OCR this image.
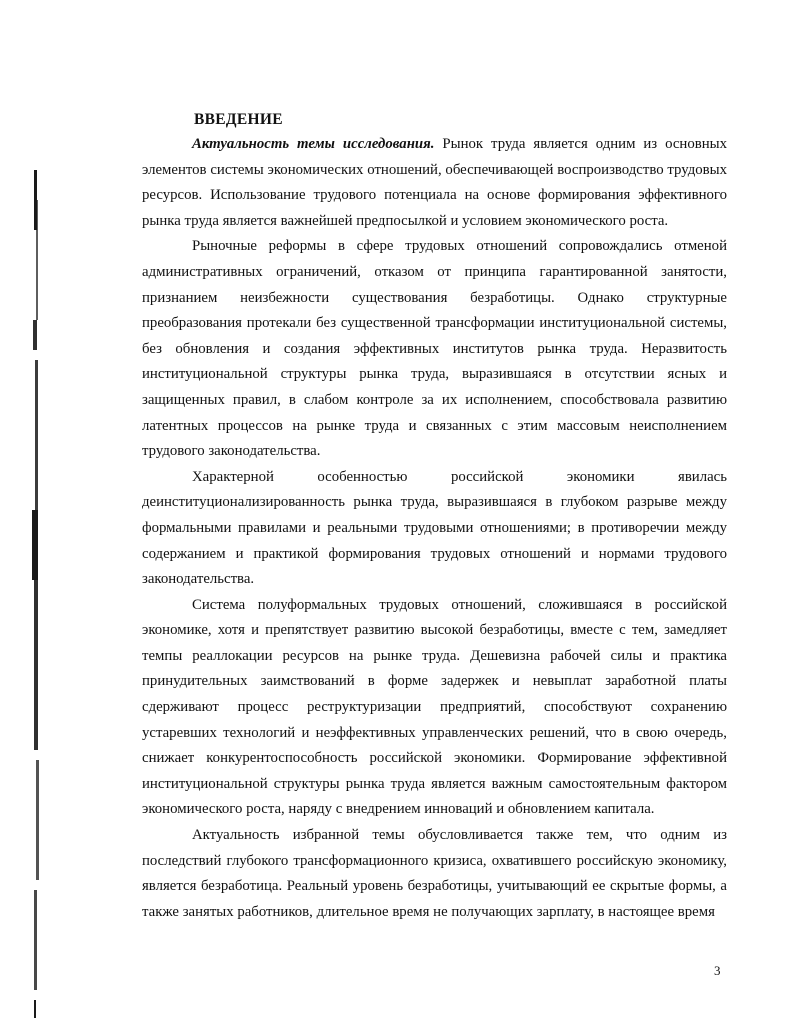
ВВЕДЕНИЕ

Актуальность темы исследования. Рынок труда является одним из основных элементов системы экономических отношений, обеспечивающей воспроизводство трудовых ресурсов. Использование трудового потенциала на основе формирования эффективного рынка труда является важнейшей предпосылкой и условием экономического роста.

Рыночные реформы в сфере трудовых отношений сопровождались отменой административных ограничений, отказом от принципа гарантированной занятости, признанием неизбежности существования безработицы. Однако структурные преобразования протекали без существенной трансформации институциональной системы, без обновления и создания эффективных институтов рынка труда. Неразвитость институциональной структуры рынка труда, выразившаяся в отсутствии ясных и защищенных правил, в слабом контроле за их исполнением, способствовала развитию латентных процессов на рынке труда и связанных с этим массовым неисполнением трудового законодательства.

Характерной особенностью российской экономики явилась деинституционализированность рынка труда, выразившаяся в глубоком разрыве между формальными правилами и реальными трудовыми отношениями; в противоречии между содержанием и практикой формирования трудовых отношений и нормами трудового законодательства.

Система полуформальных трудовых отношений, сложившаяся в российской экономике, хотя и препятствует развитию высокой безработицы, вместе с тем, замедляет темпы реаллокации ресурсов на рынке труда. Дешевизна рабочей силы и практика принудительных заимствований в форме задержек и невыплат заработной платы сдерживают процесс реструктуризации предприятий, способствуют сохранению устаревших технологий и неэффективных управленческих решений, что в свою очередь, снижает конкурентоспособность российской экономики. Формирование эффективной институциональной структуры рынка труда является важным самостоятельным фактором экономического роста, наряду с внедрением инноваций и обновлением капитала.

Актуальность избранной темы обусловливается также тем, что одним из последствий глубокого трансформационного кризиса, охватившего российскую экономику, является безработица. Реальный уровень безработицы, учитывающий ее скрытые формы, а также занятых работников, длительное время не получающих зарплату, в настоящее время

3
